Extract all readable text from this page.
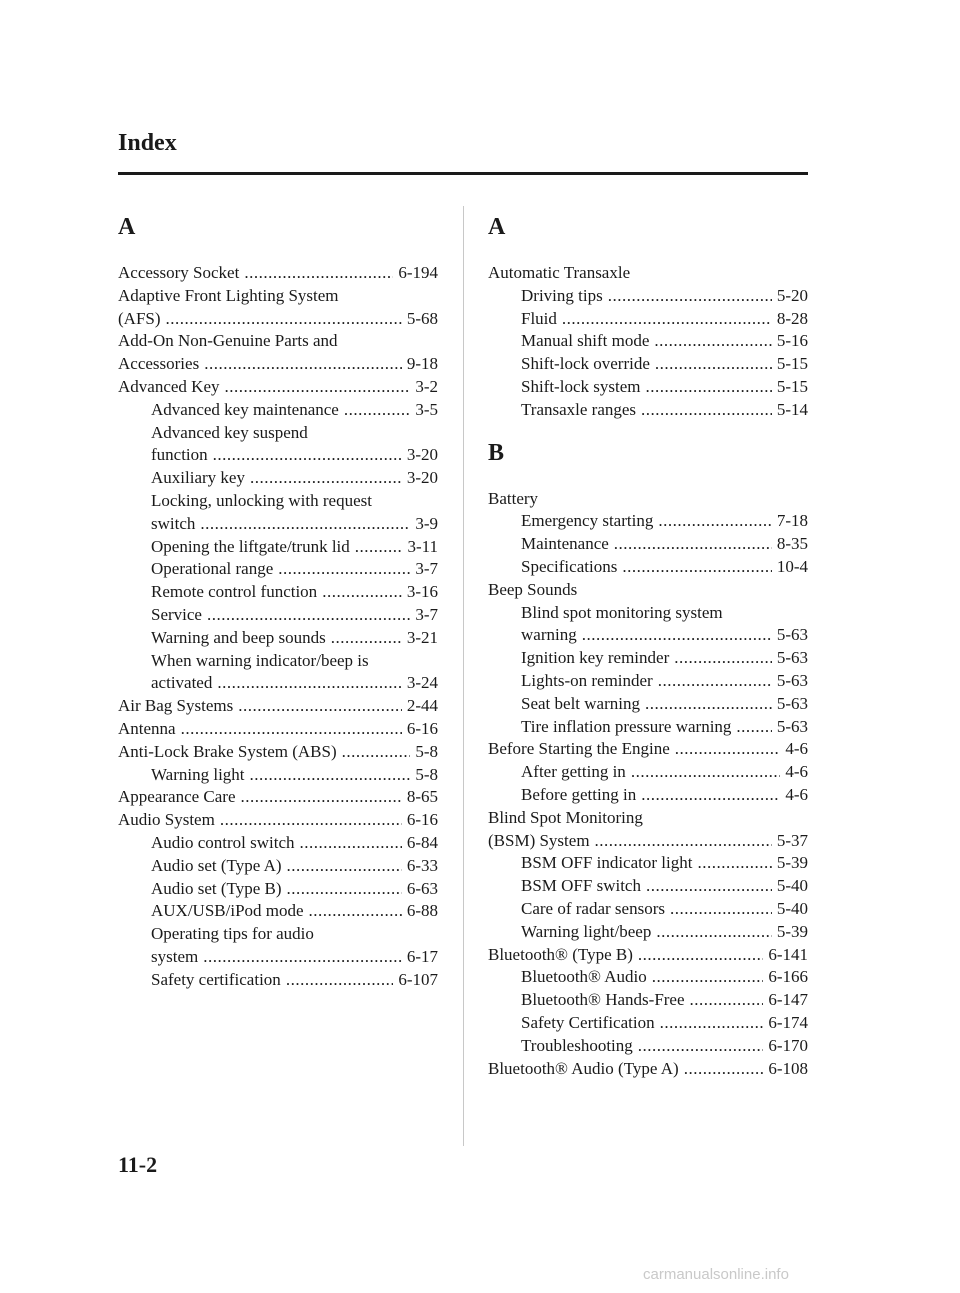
Index
A
Accessory Socket .....	6-194
Adaptive Front Lighting System
(AFS) .....	5-68
Add-On Non-Genuine Parts and
Accessories .....	9-18
Advanced Key .....	3-2
Advanced key maintenance .....	3-5
Advanced key suspend
function .....	3-20
Auxiliary key .....	3-20
Locking, unlocking with request
switch .....	3-9
Opening the liftgate/trunk lid .....	3-11
Operational range .....	3-7
Remote control function .....	3-16
Service .....	3-7
Warning and beep sounds .....	3-21
When warning indicator/beep is
activated .....	3-24
Air Bag Systems .....	2-44
Antenna .....	6-16
Anti-Lock Brake System (ABS) .....	5-8
Warning light .....	5-8
Appearance Care .....	8-65
Audio System .....	6-16
Audio control switch .....	6-84
Audio set (Type A) .....	6-33
Audio set (Type B) .....	6-63
AUX/USB/iPod mode .....	6-88
Operating tips for audio
system .....	6-17
Safety certification .....	6-107
A
Automatic Transaxle
Driving tips .....	5-20
Fluid .....	8-28
Manual shift mode .....	5-16
Shift-lock override .....	5-15
Shift-lock system .....	5-15
Transaxle ranges .....	5-14
B
Battery
Emergency starting .....	7-18
Maintenance .....	8-35
Specifications .....	10-4
Beep Sounds
Blind spot monitoring system
warning .....	5-63
Ignition key reminder .....	5-63
Lights-on reminder .....	5-63
Seat belt warning .....	5-63
Tire inflation pressure warning .....	5-63
Before Starting the Engine .....	4-6
After getting in .....	4-6
Before getting in .....	4-6
Blind Spot Monitoring
(BSM) System .....	5-37
BSM OFF indicator light .....	5-39
BSM OFF switch .....	5-40
Care of radar sensors .....	5-40
Warning light/beep .....	5-39
Bluetooth® (Type B) .....	6-141
Bluetooth® Audio .....	6-166
Bluetooth® Hands-Free .....	6-147
Safety Certification .....	6-174
Troubleshooting .....	6-170
Bluetooth® Audio (Type A) .....	6-108
11-2
carmanualsonline.info
